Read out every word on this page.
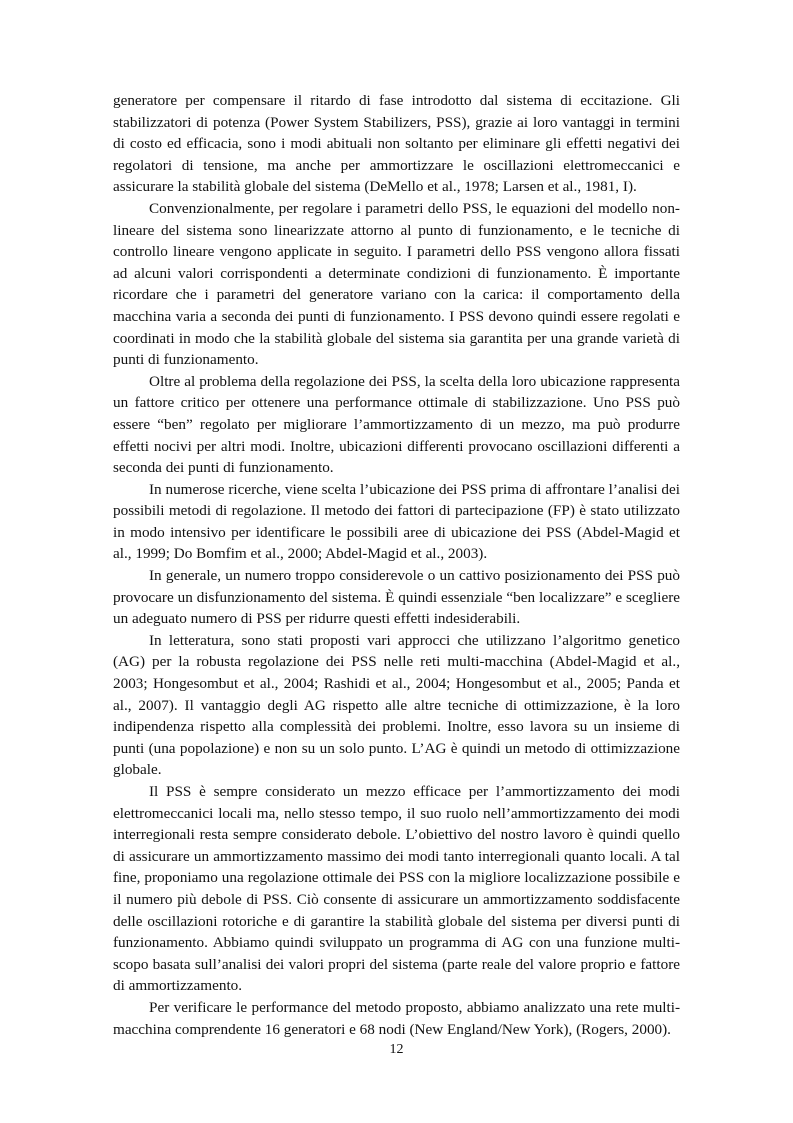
generatore per compensare il ritardo di fase introdotto dal sistema di eccitazione. Gli stabilizzatori di potenza (Power System Stabilizers, PSS), grazie ai loro vantaggi in termini di costo ed efficacia, sono i modi abituali non soltanto per eliminare gli effetti negativi dei regolatori di tensione, ma anche per ammortizzare le oscillazioni elettromeccanici e assicurare la stabilità globale del sistema (DeMello et al., 1978; Larsen et al., 1981, I).

Convenzionalmente, per regolare i parametri dello PSS, le equazioni del modello non-lineare del sistema sono linearizzate attorno al punto di funzionamento, e le tecniche di controllo lineare vengono applicate in seguito. I parametri dello PSS vengono allora fissati ad alcuni valori corrispondenti a determinate condizioni di funzionamento. È importante ricordare che i parametri del generatore variano con la carica: il comportamento della macchina varia a seconda dei punti di funzionamento. I PSS devono quindi essere regolati e coordinati in modo che la stabilità globale del sistema sia garantita per una grande varietà di punti di funzionamento.

Oltre al problema della regolazione dei PSS, la scelta della loro ubicazione rappresenta un fattore critico per ottenere una performance ottimale di stabilizzazione. Uno PSS può essere “ben” regolato per migliorare l’ammortizzamento di un mezzo, ma può produrre effetti nocivi per altri modi. Inoltre, ubicazioni differenti provocano oscillazioni differenti a seconda dei punti di funzionamento.

In numerose ricerche, viene scelta l’ubicazione dei PSS prima di affrontare l’analisi dei possibili metodi di regolazione. Il metodo dei fattori di partecipazione (FP) è stato utilizzato in modo intensivo per identificare le possibili aree di ubicazione dei PSS (Abdel-Magid et al., 1999; Do Bomfim et al., 2000; Abdel-Magid et al., 2003).

In generale, un numero troppo considerevole o un cattivo posizionamento dei PSS può provocare un disfunzionamento del sistema. È quindi essenziale “ben localizzare” e scegliere un adeguato numero di PSS per ridurre questi effetti indesiderabili.

In letteratura, sono stati proposti vari approcci che utilizzano l’algoritmo genetico (AG) per la robusta regolazione dei PSS nelle reti multi-macchina (Abdel-Magid et al., 2003; Hongesombut et al., 2004; Rashidi et al., 2004; Hongesombut et al., 2005; Panda et al., 2007). Il vantaggio degli AG rispetto alle altre tecniche di ottimizzazione, è la loro indipendenza rispetto alla complessità dei problemi. Inoltre, esso lavora su un insieme di punti (una popolazione) e non su un solo punto. L’AG è quindi un metodo di ottimizzazione globale.

Il PSS è sempre considerato un mezzo efficace per l’ammortizzamento dei modi elettromeccanici locali ma, nello stesso tempo, il suo ruolo nell’ammortizzamento dei modi interregionali resta sempre considerato debole. L’obiettivo del nostro lavoro è quindi quello di assicurare un ammortizzamento massimo dei modi tanto interregionali quanto locali. A tal fine, proponiamo una regolazione ottimale dei PSS con la migliore localizzazione possibile e il numero più debole di PSS. Ciò consente di assicurare un ammortizzamento soddisfacente delle oscillazioni rotoriche e di garantire la stabilità globale del sistema per diversi punti di funzionamento. Abbiamo quindi sviluppato un programma di AG con una funzione multi-scopo basata sull’analisi dei valori propri del sistema (parte reale del valore proprio e fattore di ammortizzamento.

Per verificare le performance del metodo proposto, abbiamo analizzato una rete multi-macchina comprendente 16 generatori e 68 nodi (New England/New York), (Rogers, 2000).

12
